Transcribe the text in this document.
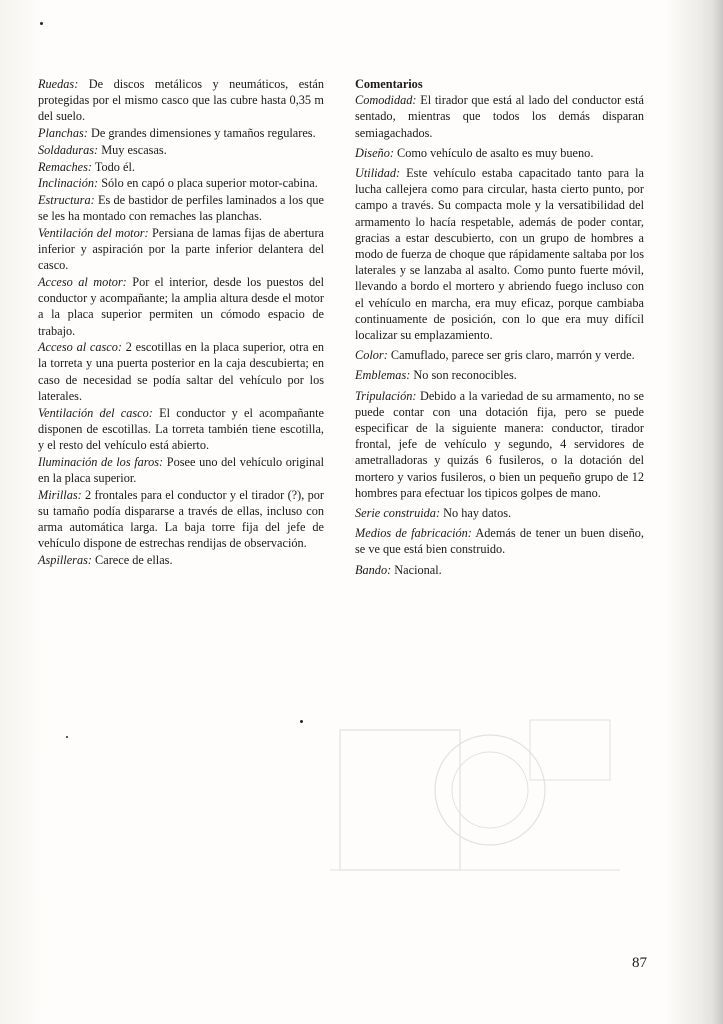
Ruedas: De discos metálicos y neumáticos, están protegidas por el mismo casco que las cubre hasta 0,35 m del suelo.

Planchas: De grandes dimensiones y tamaños regulares.

Soldaduras: Muy escasas.

Remaches: Todo él.

Inclinación: Sólo en capó o placa superior motor-cabina.

Estructura: Es de bastidor de perfiles laminados a los que se les ha montado con remaches las planchas.

Ventilación del motor: Persiana de lamas fijas de abertura inferior y aspiración por la parte inferior delantera del casco.

Acceso al motor: Por el interior, desde los puestos del conductor y acompañante; la amplia altura desde el motor a la placa superior permiten un cómodo espacio de trabajo.

Acceso al casco: 2 escotillas en la placa superior, otra en la torreta y una puerta posterior en la caja descubierta; en caso de necesidad se podía saltar del vehículo por los laterales.

Ventilación del casco: El conductor y el acompañante disponen de escotillas. La torreta también tiene escotilla, y el resto del vehículo está abierto.

Iluminación de los faros: Posee uno del vehículo original en la placa superior.

Mirillas: 2 frontales para el conductor y el tirador (?), por su tamaño podía dispararse a través de ellas, incluso con arma automática larga. La baja torre fija del jefe de vehículo dispone de estrechas rendijas de observación.

Aspilleras: Carece de ellas.

Comentarios

Comodidad: El tirador que está al lado del conductor está sentado, mientras que todos los demás disparan semiagachados.

Diseño: Como vehículo de asalto es muy bueno.

Utilidad: Este vehículo estaba capacitado tanto para la lucha callejera como para circular, hasta cierto punto, por campo a través. Su compacta mole y la versatibilidad del armamento lo hacía respetable, además de poder contar, gracias a estar descubierto, con un grupo de hombres a modo de fuerza de choque que rápidamente saltaba por los laterales y se lanzaba al asalto. Como punto fuerte móvil, llevando a bordo el mortero y abriendo fuego incluso con el vehículo en marcha, era muy eficaz, porque cambiaba continuamente de posición, con lo que era muy difícil localizar su emplazamiento.

Color: Camuflado, parece ser gris claro, marrón y verde.

Emblemas: No son reconocibles.

Tripulación: Debido a la variedad de su armamento, no se puede contar con una dotación fija, pero se puede especificar de la siguiente manera: conductor, tirador frontal, jefe de vehículo y segundo, 4 servidores de ametralladoras y quizás 6 fusileros, o la dotación del mortero y varios fusileros, o bien un pequeño grupo de 12 hombres para efectuar los tipicos golpes de mano.

Serie construida: No hay datos.

Medios de fabricación: Además de tener un buen diseño, se ve que está bien construido.

Bando: Nacional.

87
